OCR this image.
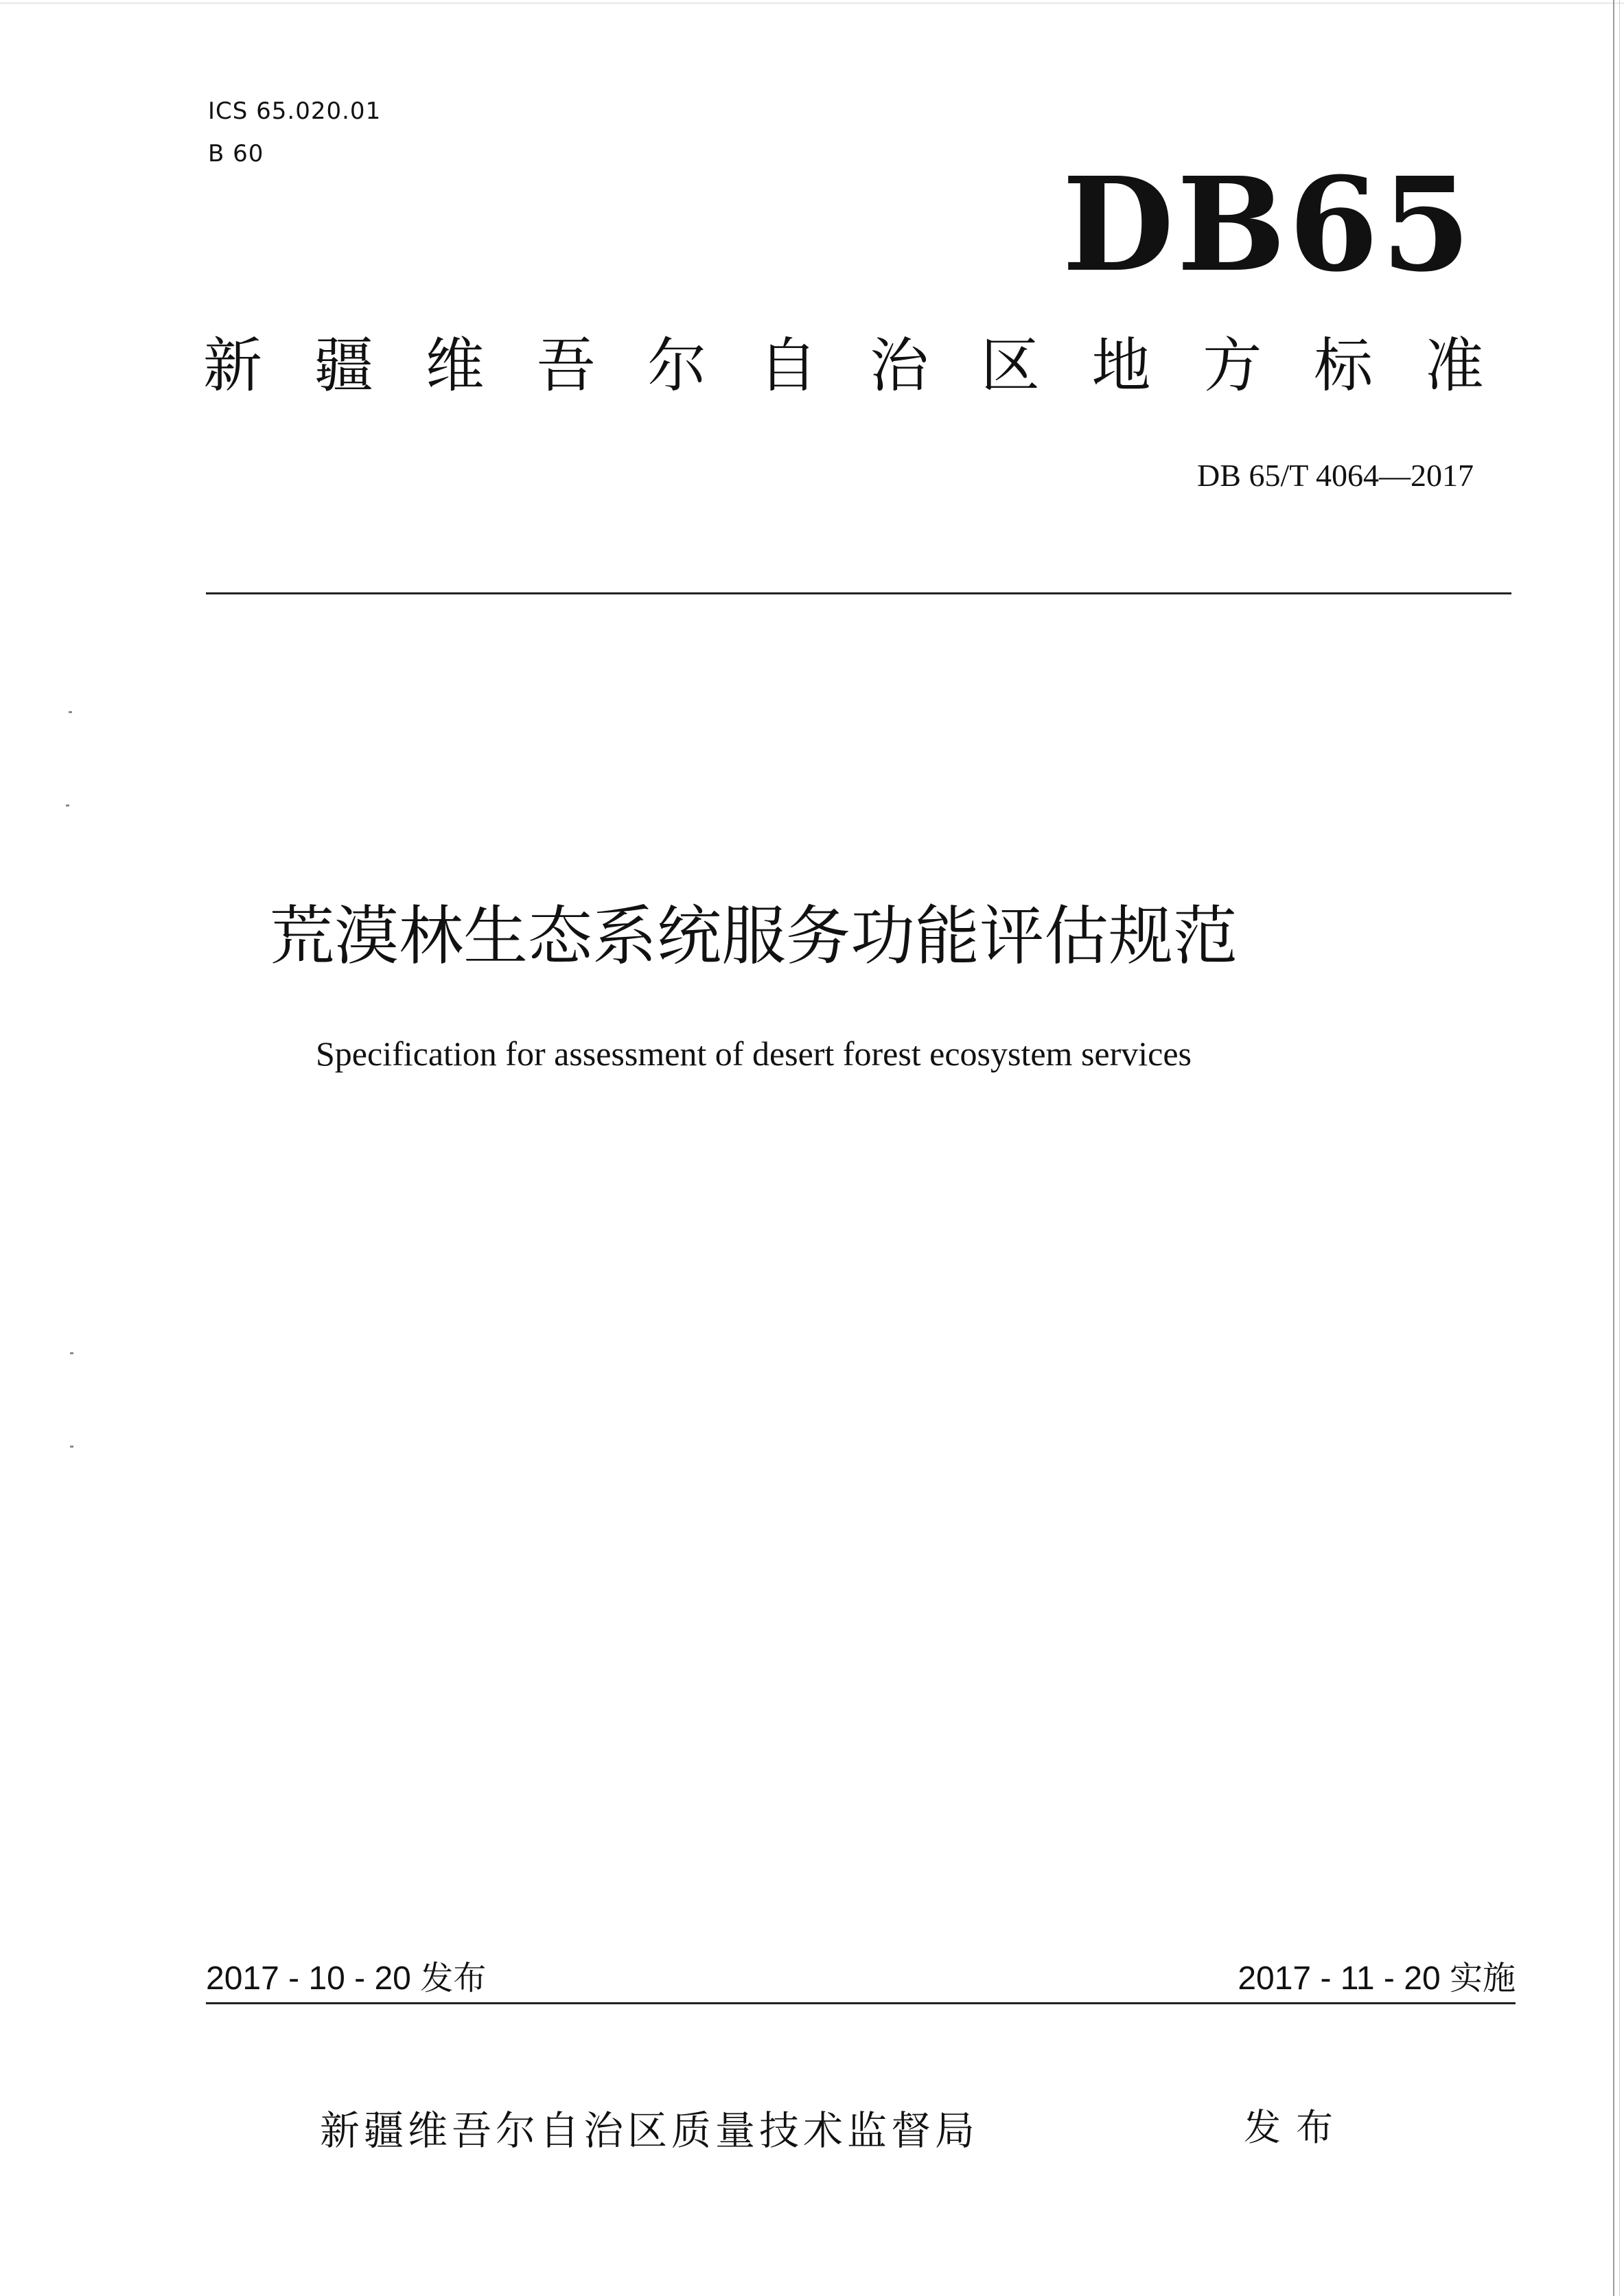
ICS 65.020.01
B 60	DB65
新 疆 维 吾 尔 自 治 区 地 方 标 准
DB 65/T 4064—2017
荒漠林生态系统服务功能评估规范
Specification for assessment of desert forest ecosystem services
2017 - 10 - 20 发布	2017 - 11 - 20 实施
新疆维吾尔自治区质量技术监督局	发布
